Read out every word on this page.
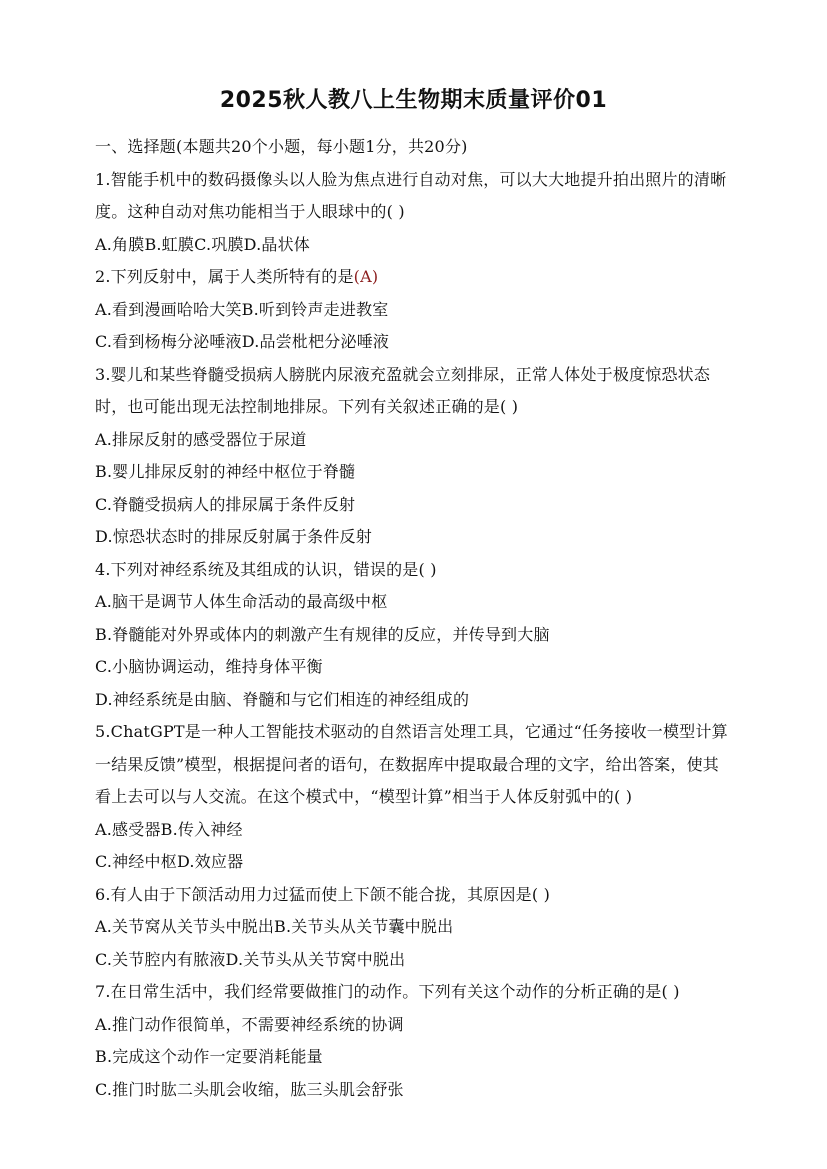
2025秋人教八上生物期末质量评价01
一、选择题(本题共20个小题，每小题1分，共20分)
1.智能手机中的数码摄像头以人脸为焦点进行自动对焦，可以大大地提升拍出照片的清晰度。这种自动对焦功能相当于人眼球中的( )
A.角膜B.虹膜C.巩膜D.晶状体
2.下列反射中，属于人类所特有的是(A)
A.看到漫画哈哈大笑B.听到铃声走进教室
C.看到杨梅分泌唾液D.品尝枇杷分泌唾液
3.婴儿和某些脊髓受损病人膀胱内尿液充盈就会立刻排尿，正常人体处于极度惊恐状态时，也可能出现无法控制地排尿。下列有关叙述正确的是( )
A.排尿反射的感受器位于尿道
B.婴儿排尿反射的神经中枢位于脊髓
C.脊髓受损病人的排尿属于条件反射
D.惊恐状态时的排尿反射属于条件反射
4.下列对神经系统及其组成的认识，错误的是( )
A.脑干是调节人体生命活动的最高级中枢
B.脊髓能对外界或体内的刺激产生有规律的反应，并传导到大脑
C.小脑协调运动，维持身体平衡
D.神经系统是由脑、脊髓和与它们相连的神经组成的
5.ChatGPT是一种人工智能技术驱动的自然语言处理工具，它通过“任务接收一模型计算一结果反馈”模型，根据提问者的语句，在数据库中提取最合理的文字，给出答案，使其看上去可以与人交流。在这个模式中，“模型计算”相当于人体反射弧中的( )
A.感受器B.传入神经
C.神经中枢D.效应器
6.有人由于下颌活动用力过猛而使上下颌不能合拢，其原因是( )
A.关节窝从关节头中脱出B.关节头从关节囊中脱出
C.关节腔内有脓液D.关节头从关节窝中脱出
7.在日常生活中，我们经常要做推门的动作。下列有关这个动作的分析正确的是( )
A.推门动作很简单，不需要神经系统的协调
B.完成这个动作一定要消耗能量
C.推门时肱二头肌会收缩，肱三头肌会舒张
